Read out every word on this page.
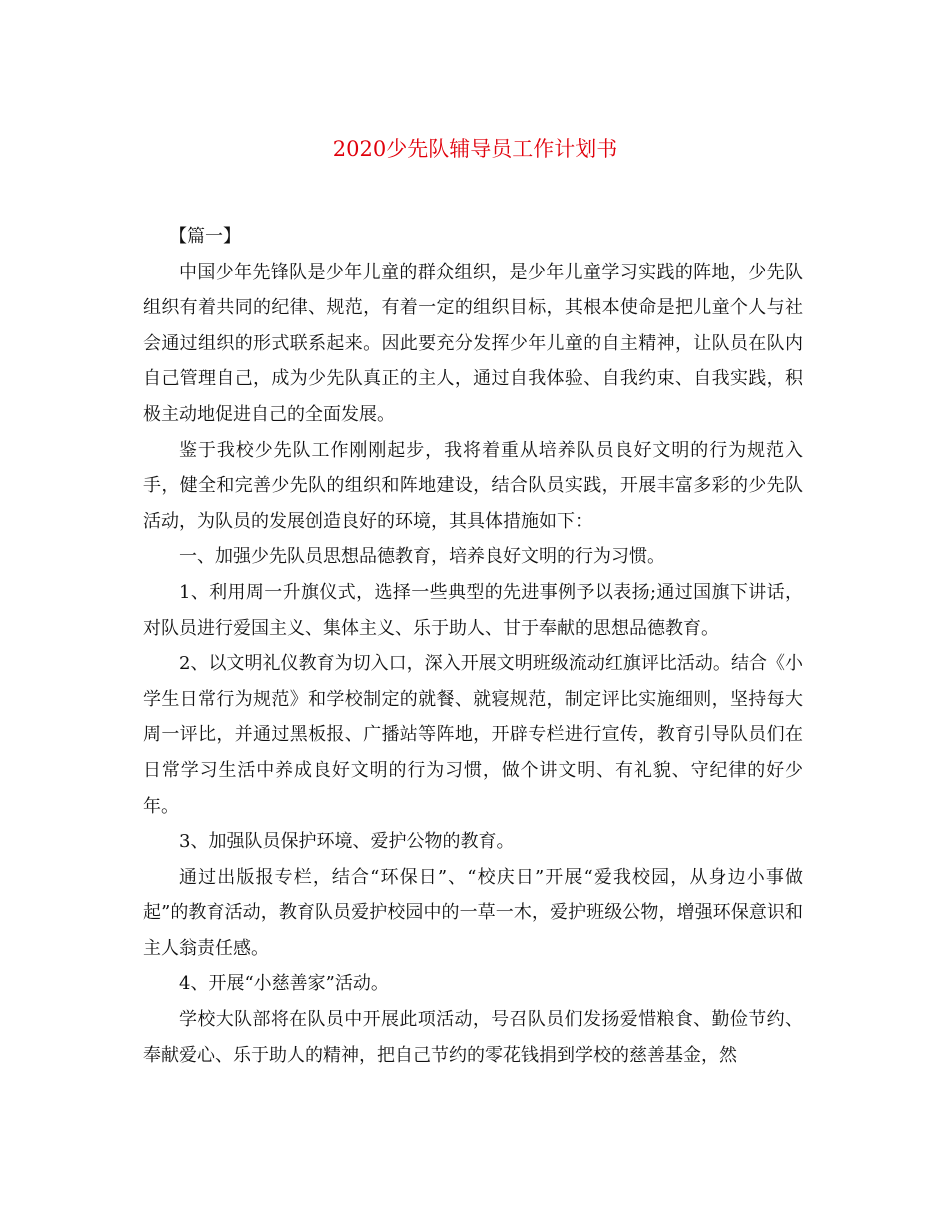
2020少先队辅导员工作计划书

【篇一】

中国少年先锋队是少年儿童的群众组织，是少年儿童学习实践的阵地，少先队组织有着共同的纪律、规范，有着一定的组织目标，其根本使命是把儿童个人与社会通过组织的形式联系起来。因此要充分发挥少年儿童的自主精神，让队员在队内自己管理自己，成为少先队真正的主人，通过自我体验、自我约束、自我实践，积极主动地促进自己的全面发展。

鉴于我校少先队工作刚刚起步，我将着重从培养队员良好文明的行为规范入手，健全和完善少先队的组织和阵地建设，结合队员实践，开展丰富多彩的少先队活动，为队员的发展创造良好的环境，其具体措施如下：

一、加强少先队员思想品德教育，培养良好文明的行为习惯。

1、利用周一升旗仪式，选择一些典型的先进事例予以表扬;通过国旗下讲话，对队员进行爱国主义、集体主义、乐于助人、甘于奉献的思想品德教育。

2、以文明礼仪教育为切入口，深入开展文明班级流动红旗评比活动。结合《小学生日常行为规范》和学校制定的就餐、就寝规范，制定评比实施细则，坚持每大周一评比，并通过黑板报、广播站等阵地，开辟专栏进行宣传，教育引导队员们在日常学习生活中养成良好文明的行为习惯，做个讲文明、有礼貌、守纪律的好少年。

3、加强队员保护环境、爱护公物的教育。

通过出版报专栏，结合“环保日”、“校庆日”开展“爱我校园，从身边小事做起”的教育活动，教育队员爱护校园中的一草一木，爱护班级公物，增强环保意识和主人翁责任感。

4、开展“小慈善家”活动。

学校大队部将在队员中开展此项活动，号召队员们发扬爱惜粮食、勤俭节约、奉献爱心、乐于助人的精神，把自己节约的零花钱捐到学校的慈善基金，然
